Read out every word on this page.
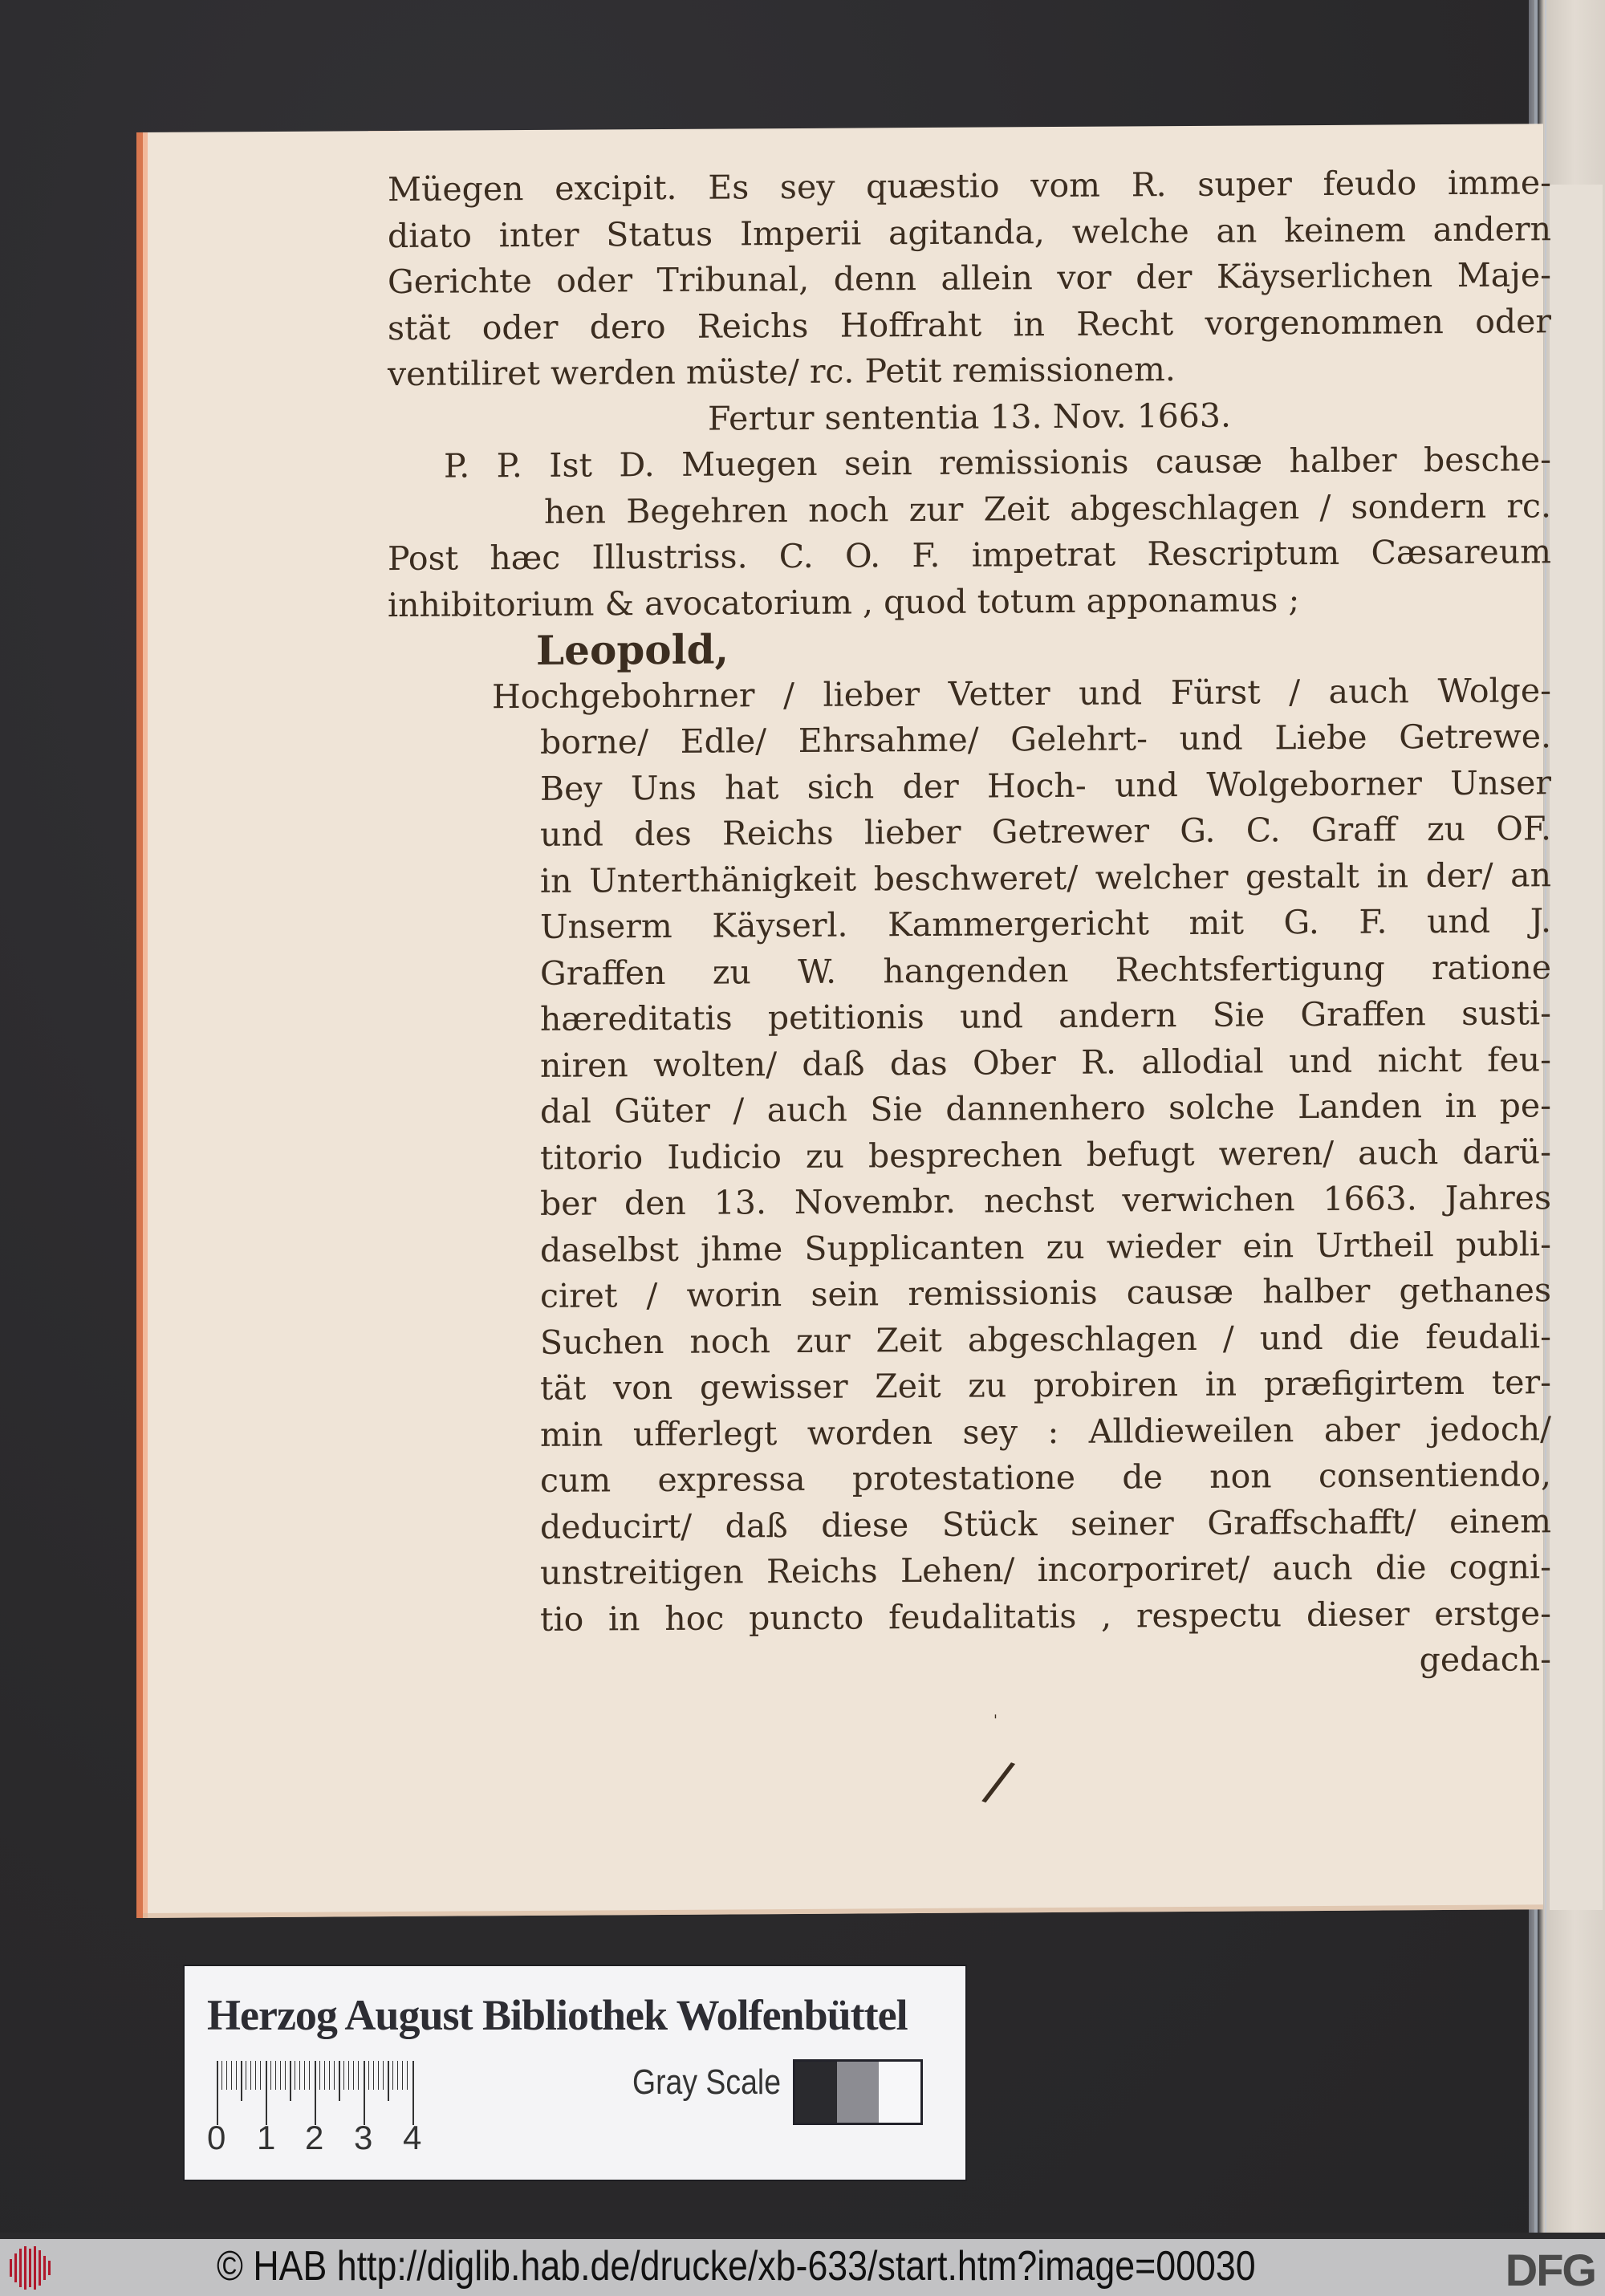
Müegen excipit. Es sey quæstio vom R. super feudo imme-
diato inter Status Imperii agitanda, welche an keinem andern
Gerichte oder Tribunal, denn allein vor der Käyserlichen Maje-
stät oder dero Reichs Hoffraht in Recht vorgenommen oder
ventiliret werden müste/ rc. Petit remissionem.
Fertur sententia 13. Nov. 1663.
P. P. Ist D. Muegen sein remissionis causæ halber besche-
hen Begehren noch zur Zeit abgeschlagen / sondern rc.
Post hæc Illustriss. C. O. F. impetrat Rescriptum Cæsareum
inhibitorium & avocatorium , quod totum apponamus ;
Leopold,
Hochgebohrner / lieber Vetter und Fürst / auch Wolge-
borne/ Edle/ Ehrsahme/ Gelehrt- und Liebe Getrewe.
Bey Uns hat sich der Hoch- und Wolgeborner Unser
und des Reichs lieber Getrewer G. C. Graff zu OF.
in Unterthänigkeit beschweret/ welcher gestalt in der/ an
Unserm Käyserl. Kammergericht mit G. F. und J.
Graffen zu W. hangenden Rechtsfertigung ratione
hæreditatis petitionis und andern Sie Graffen susti-
niren wolten/ daß das Ober R. allodial und nicht feu-
dal Güter / auch Sie dannenhero solche Landen in pe-
titorio Iudicio zu besprechen befugt weren/ auch darü-
ber den 13. Novembr. nechst verwichen 1663. Jahres
daselbst jhme Supplicanten zu wieder ein Urtheil publi-
ciret / worin sein remissionis causæ halber gethanes
Suchen noch zur Zeit abgeschlagen / und die feudali-
tät von gewisser Zeit zu probiren in præfigirtem ter-
min ufferlegt worden sey : Alldieweilen aber jedoch/
cum expressa protestatione de non consentiendo,
deducirt/ daß diese Stück seiner Graffschafft/ einem
unstreitigen Reichs Lehen/ incorporiret/ auch die cogni-
tio in hoc puncto feudalitatis , respectu dieser erstge-
gedach-
/
'
Herzog August Bibliothek Wolfenbüttel
0 1 2 3 4
Gray Scale
© HAB http://diglib.hab.de/drucke/xb-633/start.htm?image=00030	DFG
